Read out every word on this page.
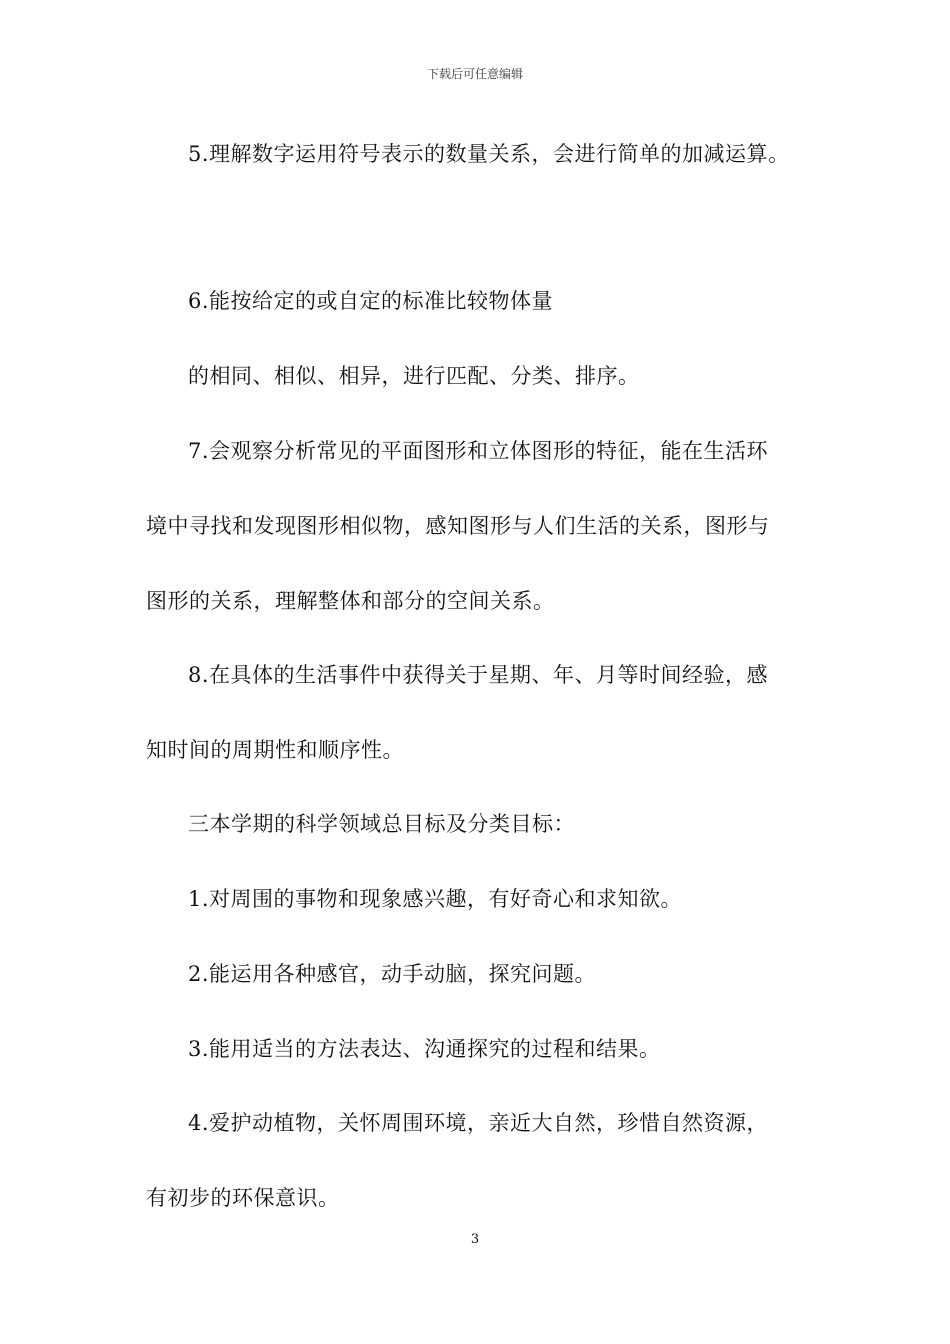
下载后可任意编辑
5.理解数字运用符号表示的数量关系，会进行简单的加减运算。
6.能按给定的或自定的标准比较物体量
的相同、相似、相异，进行匹配、分类、排序。
7.会观察分析常见的平面图形和立体图形的特征，能在生活环
境中寻找和发现图形相似物，感知图形与人们生活的关系，图形与
图形的关系，理解整体和部分的空间关系。
8.在具体的生活事件中获得关于星期、年、月等时间经验，感
知时间的周期性和顺序性。
三本学期的科学领域总目标及分类目标：
1.对周围的事物和现象感兴趣，有好奇心和求知欲。
2.能运用各种感官，动手动脑，探究问题。
3.能用适当的方法表达、沟通探究的过程和结果。
4.爱护动植物，关怀周围环境，亲近大自然，珍惜自然资源，
有初步的环保意识。
3
